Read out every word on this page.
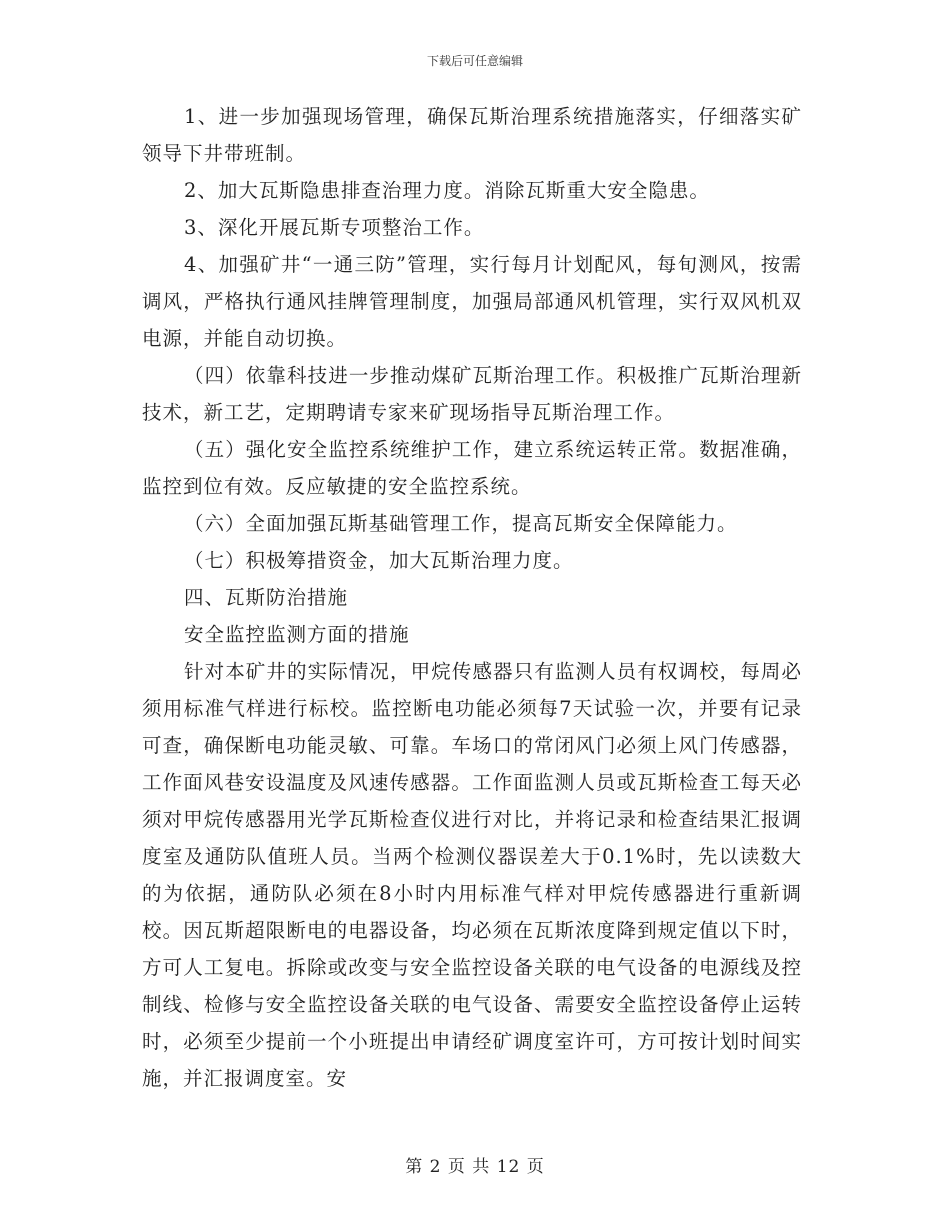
下载后可任意编辑

1、进一步加强现场管理，确保瓦斯治理系统措施落实，仔细落实矿领导下井带班制。

2、加大瓦斯隐患排查治理力度。消除瓦斯重大安全隐患。

3、深化开展瓦斯专项整治工作。

4、加强矿井“一通三防”管理，实行每月计划配风，每旬测风，按需调风，严格执行通风挂牌管理制度，加强局部通风机管理，实行双风机双电源，并能自动切换。

（四）依靠科技进一步推动煤矿瓦斯治理工作。积极推广瓦斯治理新技术，新工艺，定期聘请专家来矿现场指导瓦斯治理工作。

（五）强化安全监控系统维护工作，建立系统运转正常。数据准确，监控到位有效。反应敏捷的安全监控系统。

（六）全面加强瓦斯基础管理工作，提高瓦斯安全保障能力。

（七）积极筹措资金，加大瓦斯治理力度。

四、瓦斯防治措施

安全监控监测方面的措施

针对本矿井的实际情况，甲烷传感器只有监测人员有权调校，每周必须用标准气样进行标校。监控断电功能必须每7天试验一次，并要有记录可查，确保断电功能灵敏、可靠。车场口的常闭风门必须上风门传感器，工作面风巷安设温度及风速传感器。工作面监测人员或瓦斯检查工每天必须对甲烷传感器用光学瓦斯检查仪进行对比，并将记录和检查结果汇报调度室及通防队值班人员。当两个检测仪器误差大于0.1%时，先以读数大的为依据，通防队必须在8小时内用标准气样对甲烷传感器进行重新调校。因瓦斯超限断电的电器设备，均必须在瓦斯浓度降到规定值以下时，方可人工复电。拆除或改变与安全监控设备关联的电气设备的电源线及控制线、检修与安全监控设备关联的电气设备、需要安全监控设备停止运转时，必须至少提前一个小班提出申请经矿调度室许可，方可按计划时间实施，并汇报调度室。安

第 2 页 共 12 页
